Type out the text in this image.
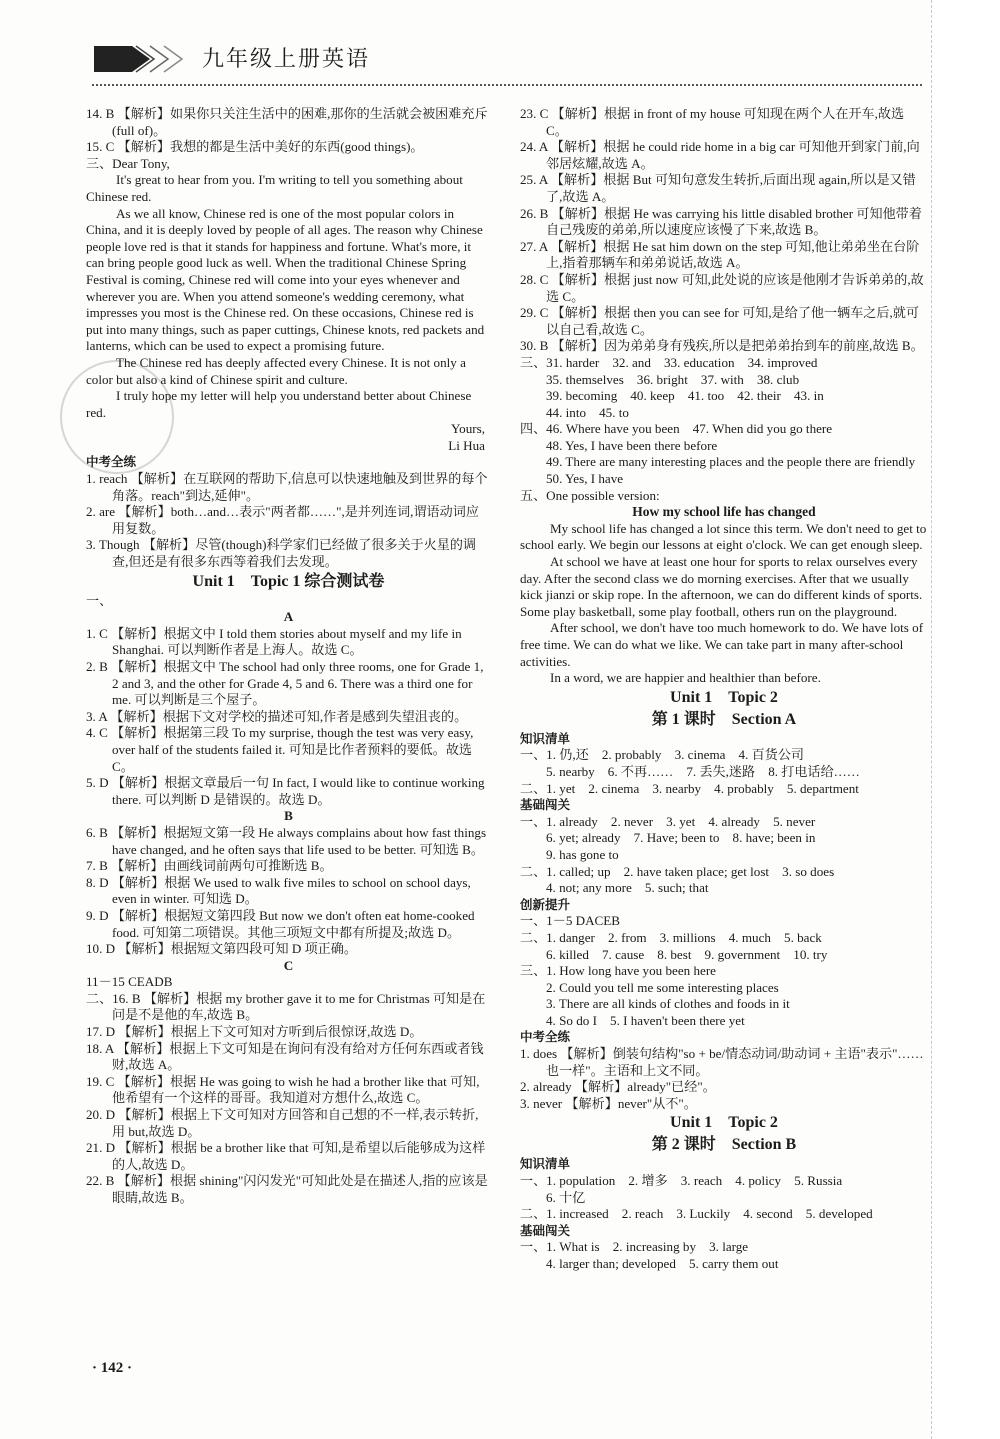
九年级上册英语

14. B 【解析】如果你只关注生活中的困难,那你的生活就会被困难充斥(full of)。

15. C 【解析】我想的都是生活中美好的东西(good things)。

三、Dear Tony,

It's great to hear from you. I'm writing to tell you something about Chinese red.

As we all know, Chinese red is one of the most popular colors in China, and it is deeply loved by people of all ages. The reason why Chinese people love red is that it stands for happiness and fortune. What's more, it can bring people good luck as well. When the traditional Chinese Spring Festival is coming, Chinese red will come into your eyes whenever and wherever you are. When you attend someone's wedding ceremony, what impresses you most is the Chinese red. On these occasions, Chinese red is put into many things, such as paper cuttings, Chinese knots, red packets and lanterns, which can be used to expect a promising future.

The Chinese red has deeply affected every Chinese. It is not only a color but also a kind of Chinese spirit and culture.

I truly hope my letter will help you understand better about Chinese red.

Yours,

Li Hua

中考全练

1. reach 【解析】在互联网的帮助下,信息可以快速地触及到世界的每个角落。reach"到达,延伸"。

2. are 【解析】both…and…表示"两者都……",是并列连词,谓语动词应用复数。

3. Though 【解析】尽管(though)科学家们已经做了很多关于火星的调查,但还是有很多东西等着我们去发现。

Unit 1　Topic 1 综合测试卷

一、

A

1. C 【解析】根据文中 I told them stories about myself and my life in Shanghai. 可以判断作者是上海人。故选 C。

2. B 【解析】根据文中 The school had only three rooms, one for Grade 1, 2 and 3, and the other for Grade 4, 5 and 6. There was a third one for me. 可以判断是三个屋子。

3. A 【解析】根据下文对学校的描述可知,作者是感到失望沮丧的。

4. C 【解析】根据第三段 To my surprise, though the test was very easy, over half of the students failed it. 可知是比作者预料的要低。故选 C。

5. D 【解析】根据文章最后一句 In fact, I would like to continue working there. 可以判断 D 是错误的。故选 D。

B

6. B 【解析】根据短文第一段 He always complains about how fast things have changed, and he often says that life used to be better. 可知选 B。

7. B 【解析】由画线词前两句可推断选 B。

8. D 【解析】根据 We used to walk five miles to school on school days, even in winter. 可知选 D。

9. D 【解析】根据短文第四段 But now we don't often eat home-cooked food. 可知第二项错误。其他三项短文中都有所提及;故选 D。

10. D 【解析】根据短文第四段可知 D 项正确。

C

11－15 CEADB

二、16. B 【解析】根据 my brother gave it to me for Christmas 可知是在问是不是他的车,故选 B。

17. D 【解析】根据上下文可知对方听到后很惊讶,故选 D。

18. A 【解析】根据上下文可知是在询问有没有给对方任何东西或者钱财,故选 A。

19. C 【解析】根据 He was going to wish he had a brother like that 可知,他希望有一个这样的哥哥。我知道对方想什么,故选 C。

20. D 【解析】根据上下文可知对方回答和自己想的不一样,表示转折,用 but,故选 D。

21. D 【解析】根据 be a brother like that 可知,是希望以后能够成为这样的人,故选 D。

22. B 【解析】根据 shining"闪闪发光"可知此处是在描述人,指的应该是眼睛,故选 B。

23. C 【解析】根据 in front of my house 可知现在两个人在开车,故选 C。

24. A 【解析】根据 he could ride home in a big car 可知他开到家门前,向邻居炫耀,故选 A。

25. A 【解析】根据 But 可知句意发生转折,后面出现 again,所以是又错了,故选 A。

26. B 【解析】根据 He was carrying his little disabled brother 可知他带着自己残废的弟弟,所以速度应该慢了下来,故选 B。

27. A 【解析】根据 He sat him down on the step 可知,他让弟弟坐在台阶上,指着那辆车和弟弟说话,故选 A。

28. C 【解析】根据 just now 可知,此处说的应该是他刚才告诉弟弟的,故选 C。

29. C 【解析】根据 then you can see for 可知,是给了他一辆车之后,就可以自己看,故选 C。

30. B 【解析】因为弟弟身有残疾,所以是把弟弟抬到车的前座,故选 B。

三、31. harder　32. and　33. education　34. improved

35. themselves　36. bright　37. with　38. club

39. becoming　40. keep　41. too　42. their　43. in

44. into　45. to

四、46. Where have you been　47. When did you go there

48. Yes, I have been there before

49. There are many interesting places and the people there are friendly

50. Yes, I have

五、One possible version:

How my school life has changed

My school life has changed a lot since this term. We don't need to get to school early. We begin our lessons at eight o'clock. We can get enough sleep.

At school we have at least one hour for sports to relax ourselves every day. After the second class we do morning exercises. After that we usually kick jianzi or skip rope. In the afternoon, we can do different kinds of sports. Some play basketball, some play football, others run on the playground.

After school, we don't have too much homework to do. We have lots of free time. We can do what we like. We can take part in many after-school activities.

In a word, we are happier and healthier than before.

Unit 1　Topic 2

第 1 课时　Section A

知识清单

一、1. 仍,还　2. probably　3. cinema　4. 百货公司

5. nearby　6. 不再……　7. 丢失,迷路　8. 打电话给……

二、1. yet　2. cinema　3. nearby　4. probably　5. department

基础闯关

一、1. already　2. never　3. yet　4. already　5. never

6. yet; already　7. Have; been to　8. have; been in

9. has gone to

二、1. called; up　2. have taken place; get lost　3. so does

4. not; any more　5. such; that

创新提升

一、1－5 DACEB

二、1. danger　2. from　3. millions　4. much　5. back

6. killed　7. cause　8. best　9. government　10. try

三、1. How long have you been here

2. Could you tell me some interesting places

3. There are all kinds of clothes and foods in it

4. So do I　5. I haven't been there yet

中考全练

1. does 【解析】倒装句结构"so + be/情态动词/助动词 + 主语"表示"……也一样"。主语和上文不同。

2. already 【解析】already"已经"。

3. never 【解析】never"从不"。

Unit 1　Topic 2

第 2 课时　Section B

知识清单

一、1. population　2. 增多　3. reach　4. policy　5. Russia

6. 十亿

二、1. increased　2. reach　3. Luckily　4. second　5. developed

基础闯关

一、1. What is　2. increasing by　3. large

4. larger than; developed　5. carry them out

· 142 ·
